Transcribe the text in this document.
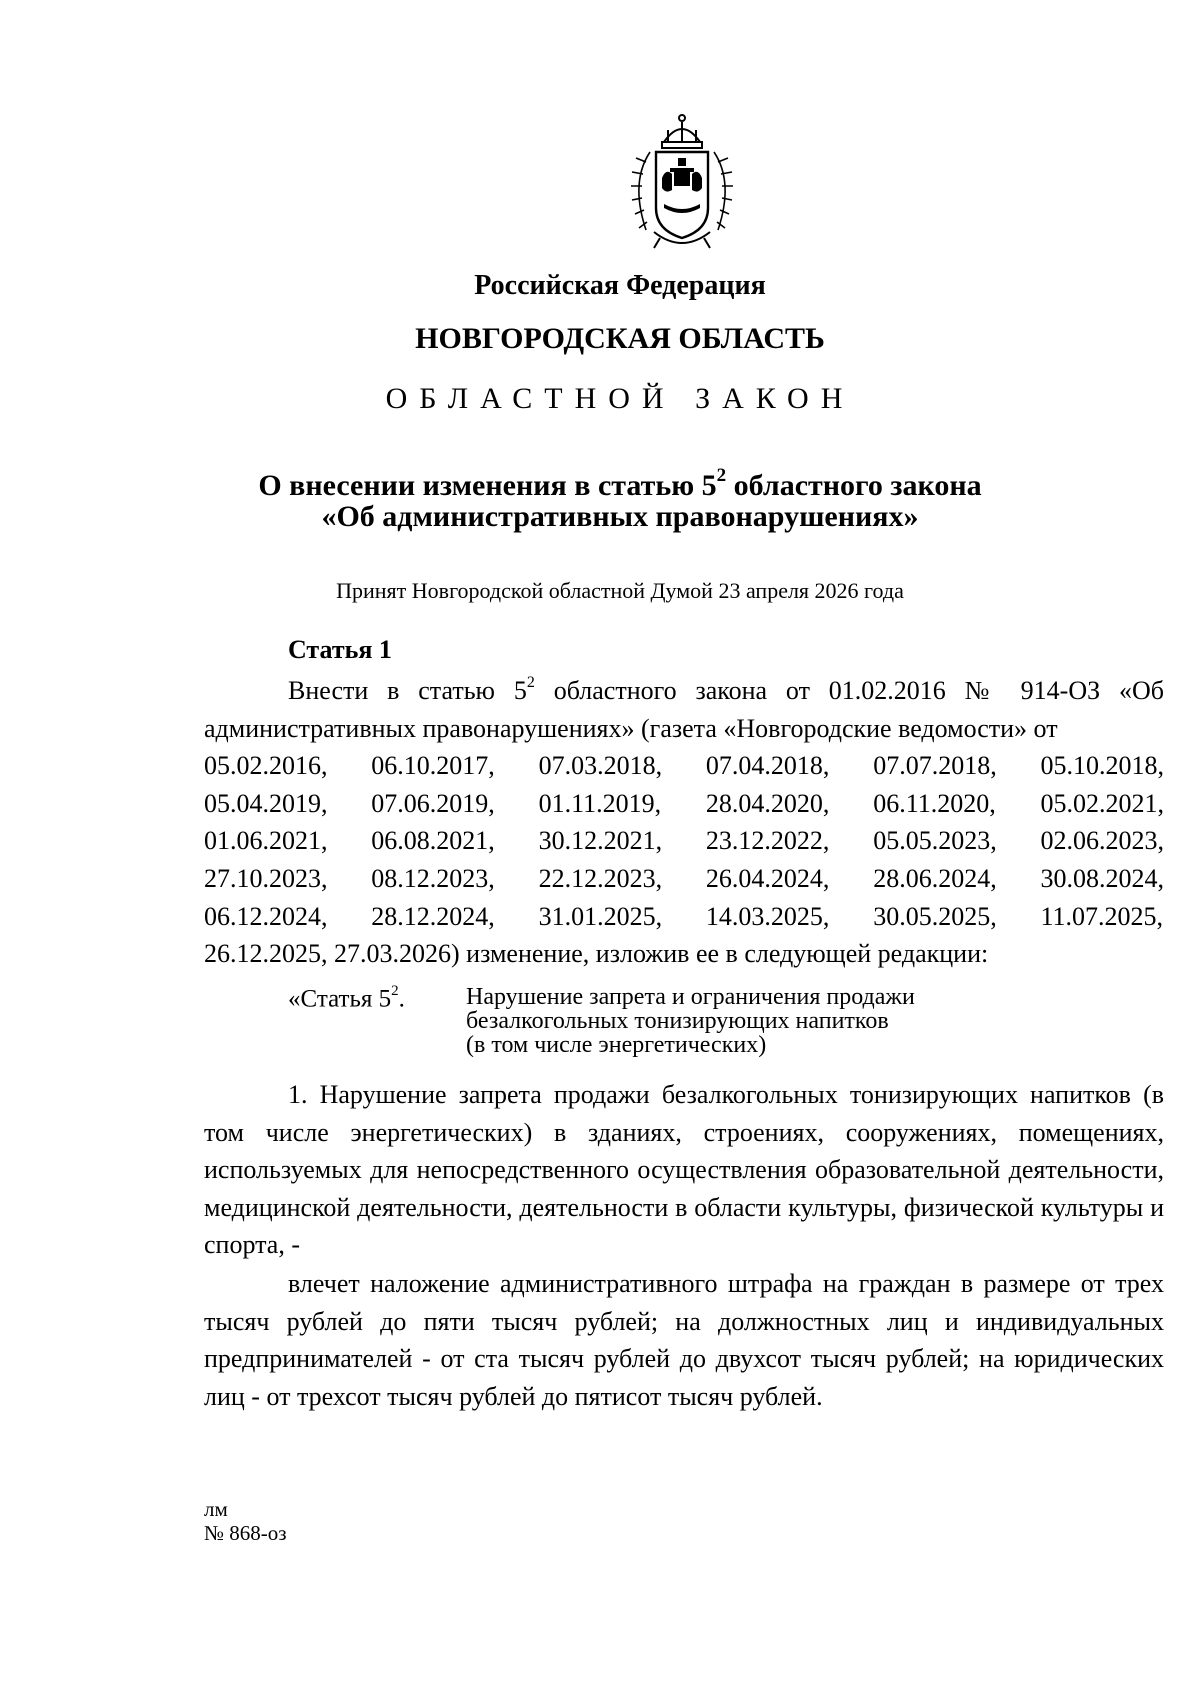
Российская Федерация
НОВГОРОДСКАЯ ОБЛАСТЬ
ОБЛАСТНОЙ ЗАКОН
О внесении изменения в статью $5^2$ областного закона
«Об административных правонарушениях»
Принят Новгородской областной Думой 23 апреля 2026 года
Статья 1
Внести в статью $5^2$ областного закона от 01.02.2016 № 914-ОЗ «Об административных правонарушениях» (газета «Новгородские ведомости» от
05.02.2016, 06.10.2017, 07.03.2018, 07.04.2018, 07.07.2018, 05.10.2018,
05.04.2019, 07.06.2019, 01.11.2019, 28.04.2020, 06.11.2020, 05.02.2021,
01.06.2021, 06.08.2021, 30.12.2021, 23.12.2022, 05.05.2023, 02.06.2023,
27.10.2023, 08.12.2023, 22.12.2023, 26.04.2024, 28.06.2024, 30.08.2024,
06.12.2024, 28.12.2024, 31.01.2025, 14.03.2025, 30.05.2025, 11.07.2025,
26.12.2025, 27.03.2026) изменение, изложив ее в следующей редакции:
«Статья $5^2$.	Нарушение запрета и ограничения продажи
безалкогольных тонизирующих напитков
(в том числе энергетических)
1. Нарушение запрета продажи безалкогольных тонизирующих напитков (в том числе энергетических) в зданиях, строениях, сооружениях, помещениях, используемых для непосредственного осуществления образовательной деятельности, медицинской деятельности, деятельности в области культуры, физической культуры и спорта, -
влечет наложение административного штрафа на граждан в размере от трех тысяч рублей до пяти тысяч рублей; на должностных лиц и индивидуальных предпринимателей - от ста тысяч рублей до двухсот тысяч рублей; на юридических лиц - от трехсот тысяч рублей до пятисот тысяч рублей.
лм
№ 868-оз
